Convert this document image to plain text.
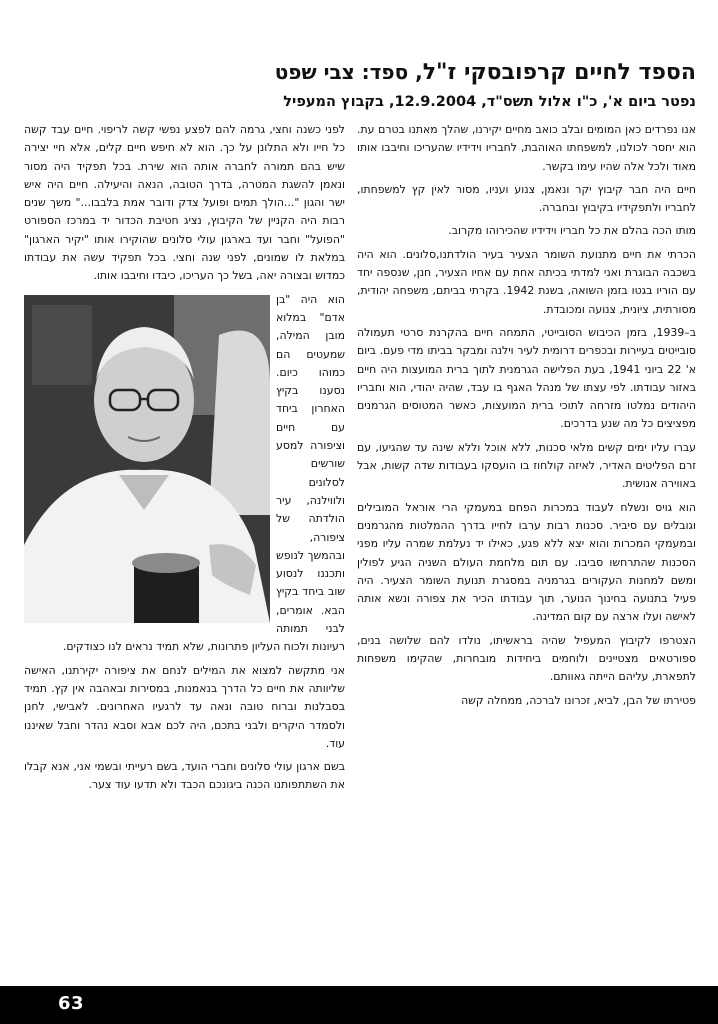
הספד לחיים קרפובסקי ז"ל, ספד: צבי שפט
נפטר ביום א', כ"ו אלול תשס"ד, 12.9.2004, בקבוץ המעפיל

אנו נפרדים כאן המומים ובלב כואב מחיים יקירנו, שהלך מאתנו בטרם עת. הוא יחסר לכולנו, למשפחתו האוהבת, לחבריו וידידיו שהעריכו וחיבבו אותו מאוד ולכל אלה שהיו עימו בקשר.

חיים היה חבר קיבוץ יקר ונאמן, צנוע ועניו, מסור לאין קץ למשפחתו, לחבריו ולתפקידיו בקיבוץ ובחברה.

מותו הכה בהלם את כל חבריו וידידיו שהכירוהו מקרוב.

הכרתי את חיים מתנועת השומר הצעיר בעיר הולדתנו,סלונים. הוא היה בשכבה הבוגרת ואני למדתי בכיתה אחת עם אחיו הצעיר, חנן, שנספה יחד עם הוריו בגטו בזמן השואה, בשנת 1942. בקרתי בביתם, משפחה יהודית, מסורתית, ציונית, צנועה ומכובדת.

ב–1939, בזמן הכיבוש הסובייטי, התמחה חיים בהקרנת סרטי תעמולה סובייטים בעיירות ובכפרים דרומית לעיר וילנה ומבקר בביתו מדי פעם. ביום א' 22 ביוני 1941, בעת הפלישה הגרמנית לתוך ברית המועצות היה חיים באזור עבודתו. לפי עצתו של מנהל האגף בו עבד, שהיה יהודי, הוא וחבריו היהודים נמלטו מזרחה לתוכי ברית המועצות, כאשר המטוסים הגרמנים מפציצים כל מה שנע בדרכים.

עברו עליו ימים קשים מלאי סכנות, ללא אוכל וללא שינה עד שהגיעו, עם זרם הפליטים האדיר, לאיזה קולחוז בו הועסקו בעבודות שדה קשות, אבל באווירה אנושית.

הוא גויס ונשלח לעבוד במכרות הפחם במעמקי הרי אוראל המובילים וגובלים עם סיביר. סכנות רבות ערבו לחייו בדרך ההמלטות מהגרמנים ובמעמקי המכרות והוא יצא ללא פגע, כאילו יד נעלמת שמרה עליו מפני הסכנות שהתרחשו סביבו. עם תום מלחמת העולם השניה הגיע לפולין ומשם למחנות העקורים בגרמניה במסגרת תנועת השומר הצעיר. היה פעיל בתנועה בחינוך הנוער, תוך עבודתו הכיר את צפורה ונשא אותה לאישה ועלו ארצה עם קום המדינה.

הצטרפו לקיבוץ המעפיל שהיה בראשיתו, נולדו להם שלושה בנים, ספורטאים מצטיינים ולוחמים ביחידות מובחרות, שהקימו משפחות לתפארת, עליהם הייתה גאוותם.

פטירתו של הבן, לביא, זכרונו לברכה, ממחלה קשה

לפני כשנה וחצי, גרמה להם לפצע נפשי קשה לריפוי. חיים עבד קשה כל חייו ולא התלונן על כך. הוא לא חיפש חיים קלים, אלא חיי יצירה שיש בהם תמורה לחברה אותה הוא שירת. בכל תפקיד היה מסור ונאמן להשגת המטרה, בדרך הטובה, הנאה והיעילה. חיים היה איש ישר והגון "...הולך תמים ופועל צדק ודובר אמת בלבבו..." משך שנים רבות היה הקניין של הקיבוץ, נציג חטיבת הכדור יד במרכז הספורט "הפועל" וחבר ועד בארגון עולי סלונים שהוקירו אותו "יקיר הארגון" במלאת לו שמונים, לפני שנה וחצי. בכל תפקיד עשה את עבודתו כמדוש ובצורה יאה, בשל כך העריכו, כיבדו וחיבבו אותו.

הוא היה "בן אדם" במלוא מובן המילה, שמעטים הם כמוהו כיום. נסענו בקיץ האחרון ביחד עם חיים וציפורה למסע שורשים לסלונים ולווילנה, עיר הולדתה של ציפורה, ובהמשך לנופש ותכננו לנסוע שוב ביחד בקיץ הבא. אומרים, לבני תמותה רעיונות ולכוח העליון פתרונות, שלא תמיד נראים לנו כצודקים.

אני מתקשה למצוא את המילים לנחם את ציפורה יקירתנו, האישה שליוותה את חיים כל הדרך בנאמנות, במסירות ובאהבה אין קץ. תמיד בסבלנות וברוח טובה ונאה עד לרגעיו האחרונים. לאבישי, לחנן ולסמדר היקרים ולבני בתכם, היה לכם אבא וסבא נהדר וחבל שאיננו עוד.

בשם ארגון עולי סלונים וחברי הועד, בשם רעייתי ובשמי אני, אנא קבלו את השתתפותנו הכנה ביגונכם הכבד ולא תדעו עוד צער.

63
